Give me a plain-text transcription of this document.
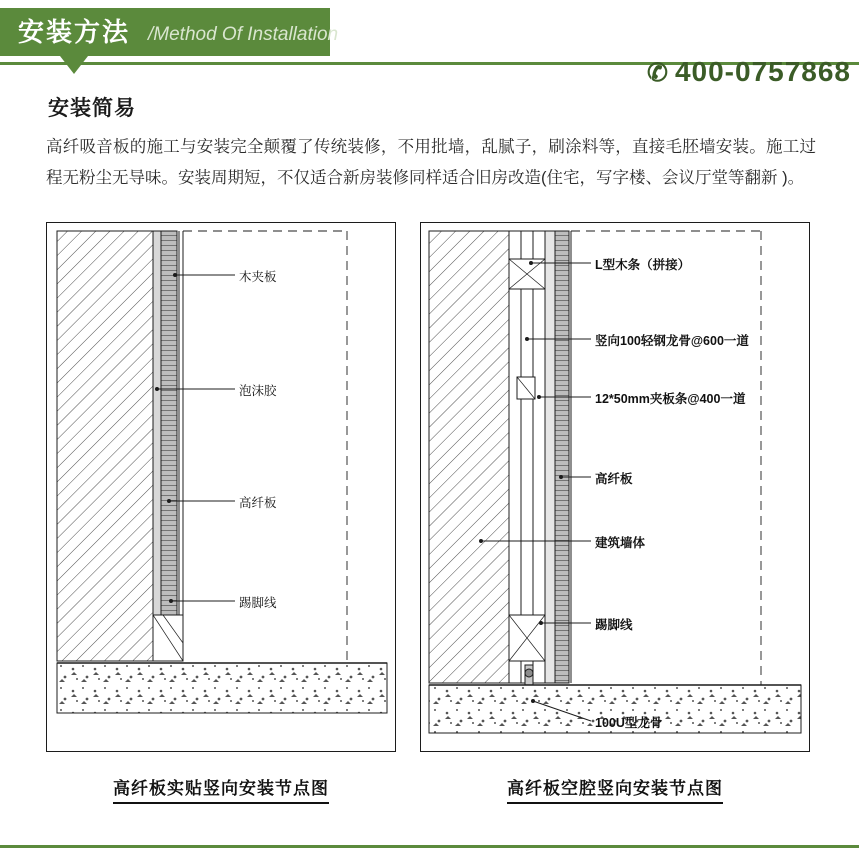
安装方法 /Method Of Installation
✆ 400-0757868
安装简易
高纤吸音板的施工与安装完全颠覆了传统装修，不用批墙，乱腻子，刷涂料等，直接毛胚墙安装。施工过程无粉尘无导味。安装周期短，不仅适合新房装修同样适合旧房改造(住宅，写字楼、会议厅堂等翻新 )。
木夹板
泡沫胶
高纤板
踢脚线
高纤板实贴竖向安装节点图
L型木条（拼接）
竖向100轻钢龙骨@600一道
12*50mm夹板条@400一道
高纤板
建筑墙体
踢脚线
100U型龙骨
高纤板空腔竖向安装节点图
